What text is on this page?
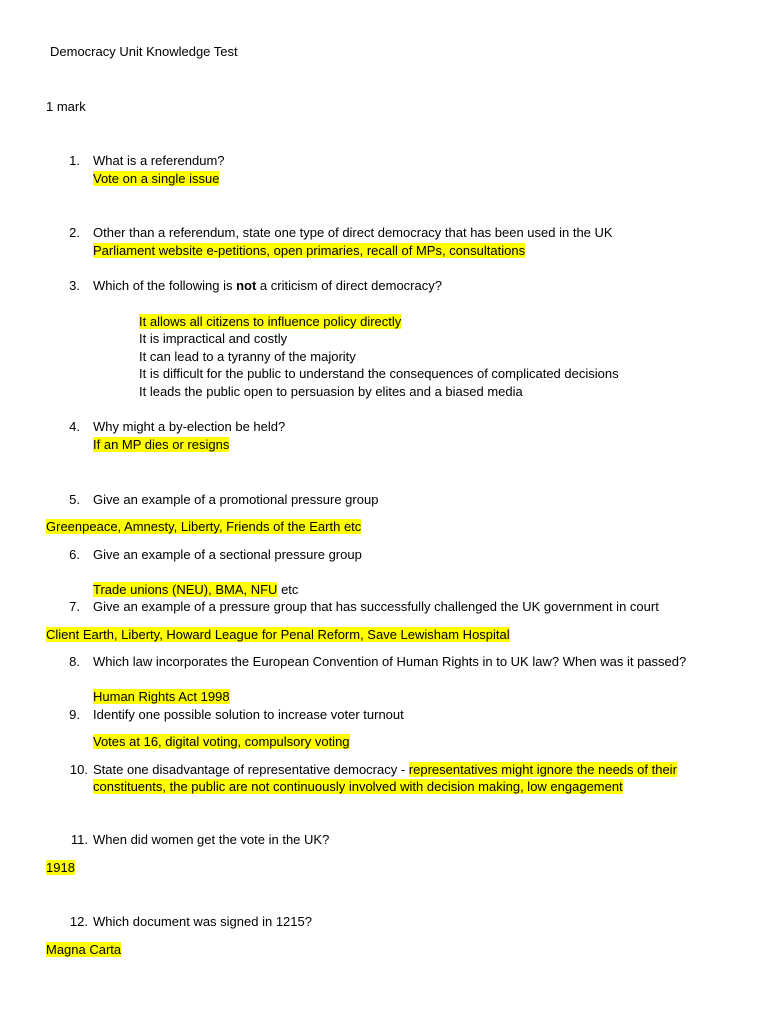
Democracy Unit Knowledge Test
1 mark
1. What is a referendum?
Vote on a single issue
2. Other than a referendum, state one type of direct democracy that has been used in the UK
Parliament website e-petitions, open primaries, recall of MPs, consultations
3. Which of the following is not a criticism of direct democracy?
It allows all citizens to influence policy directly
It is impractical and costly
It can lead to a tyranny of the majority
It is difficult for the public to understand the consequences of complicated decisions
It leads the public open to persuasion by elites and a biased media
4. Why might a by-election be held?
If an MP dies or resigns
5. Give an example of a promotional pressure group
Greenpeace, Amnesty, Liberty, Friends of the Earth etc
6. Give an example of a sectional pressure group
Trade unions (NEU), BMA, NFU etc
7. Give an example of a pressure group that has successfully challenged the UK government in court
Client Earth, Liberty, Howard League for Penal Reform, Save Lewisham Hospital
8. Which law incorporates the European Convention of Human Rights in to UK law? When was it passed?
Human Rights Act 1998
9. Identify one possible solution to increase voter turnout
Votes at 16, digital voting, compulsory voting
10. State one disadvantage of representative democracy - representatives might ignore the needs of their
constituents, the public are not continuously involved with decision making, low engagement
11. When did women get the vote in the UK?
1918
12. Which document was signed in 1215?
Magna Carta
